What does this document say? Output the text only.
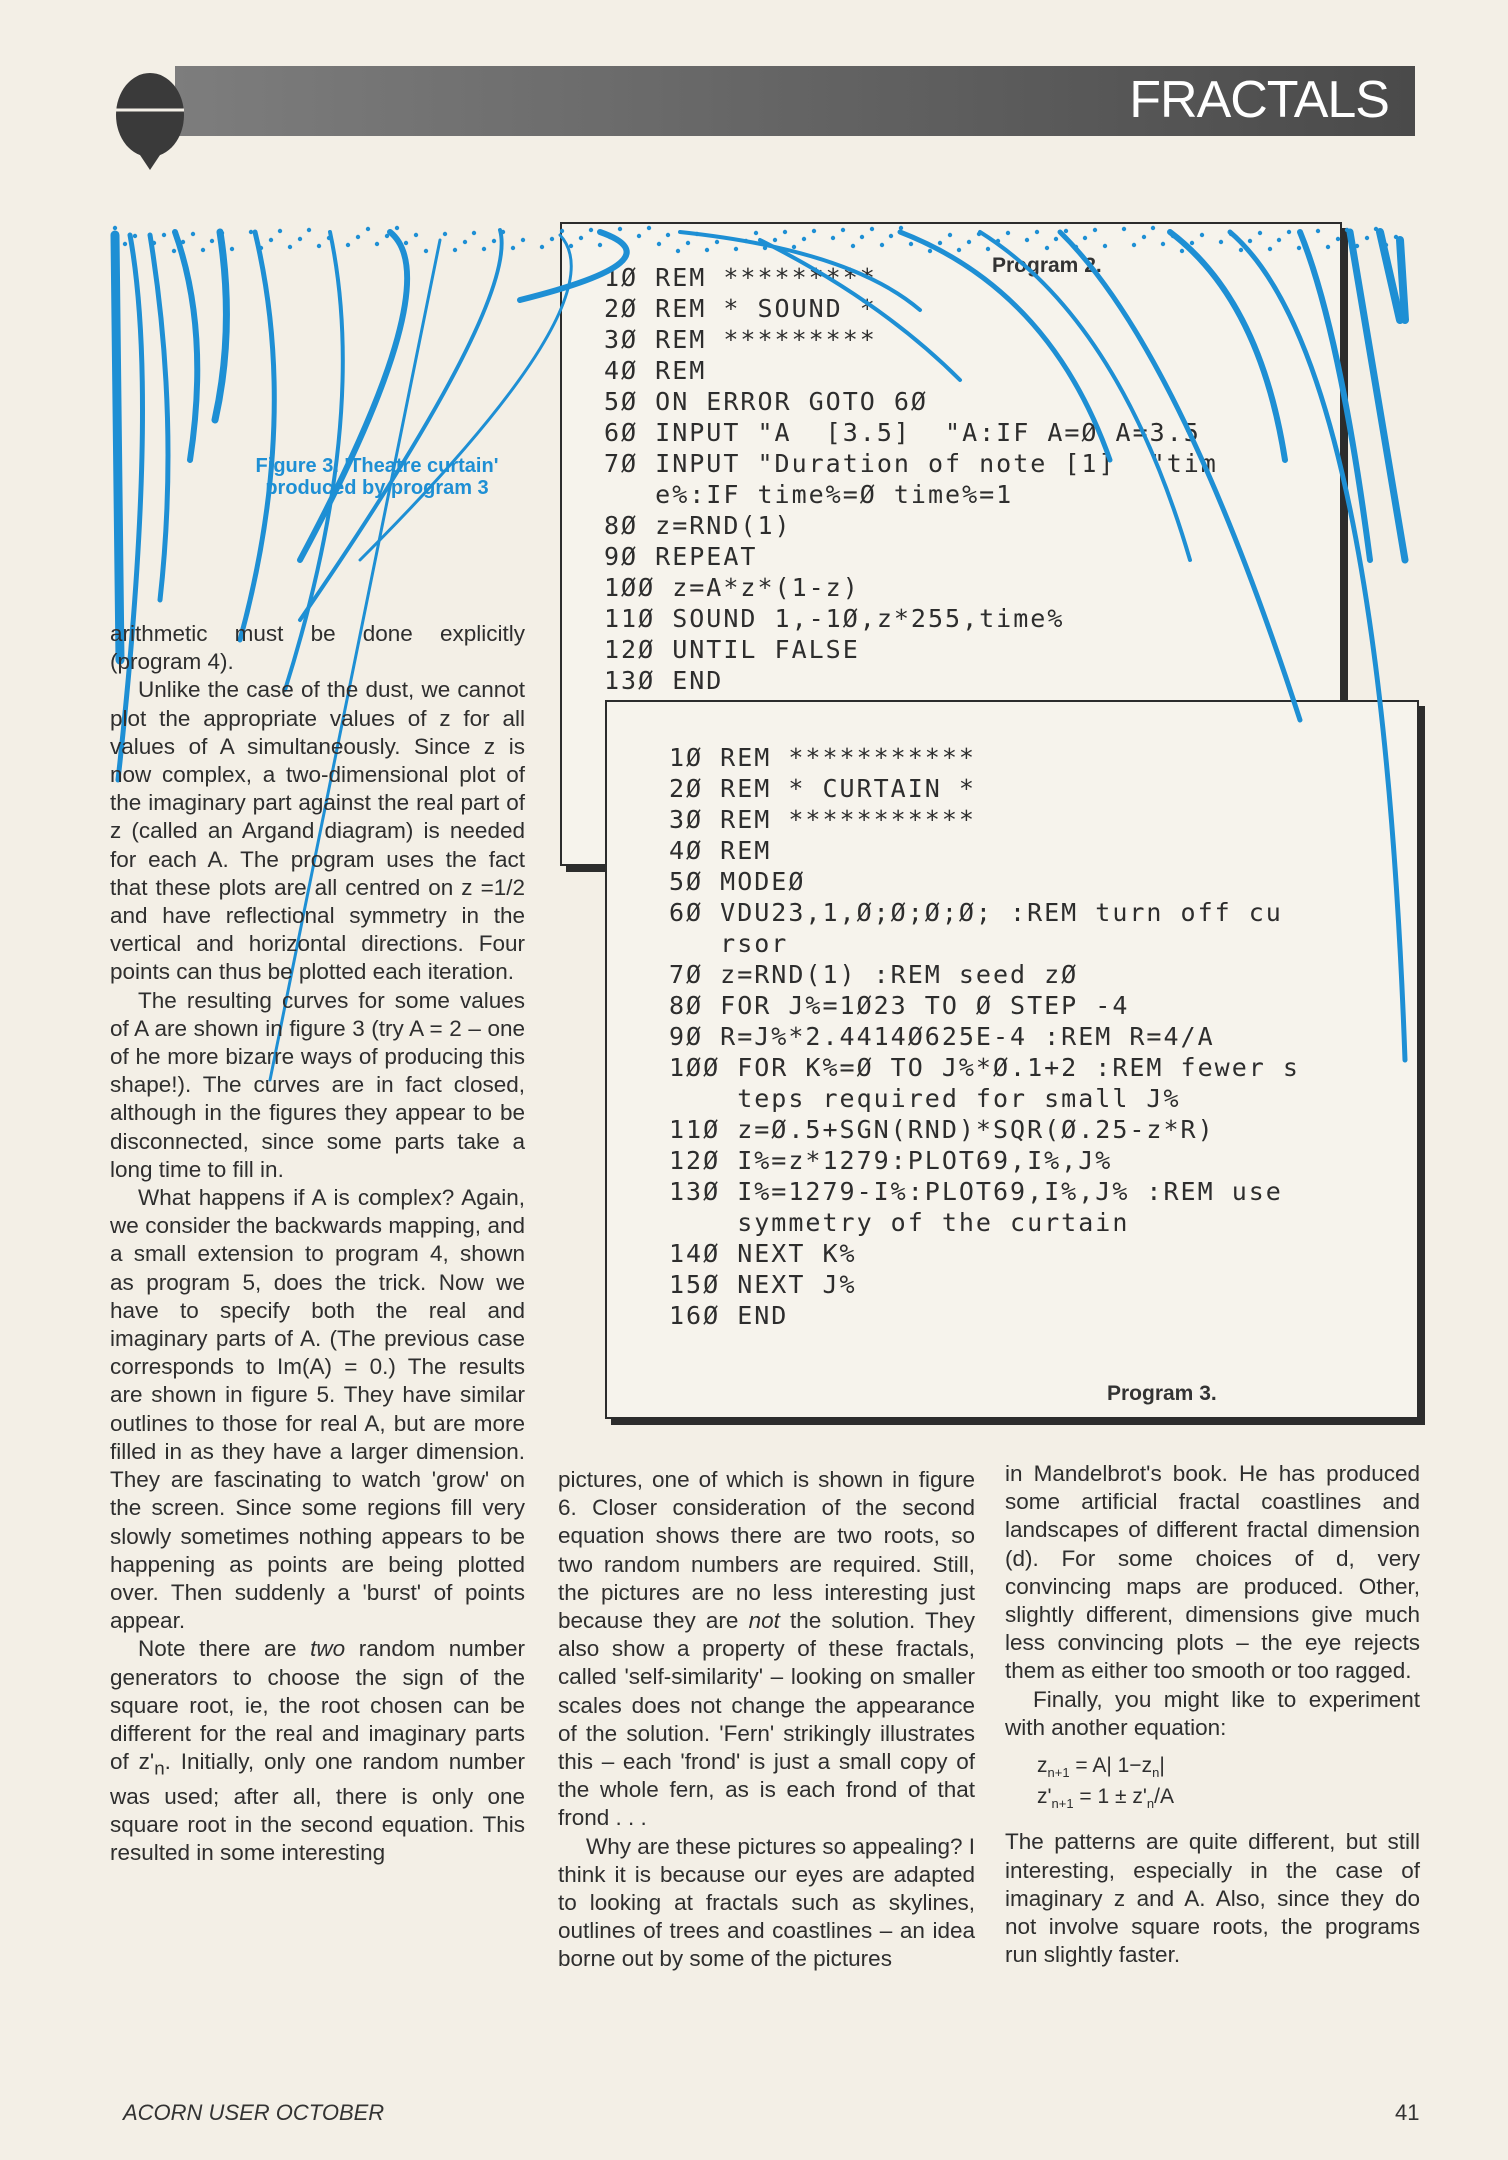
FRACTALS
Program 2.
1Ø REM *********
2Ø REM * SOUND *
3Ø REM *********
4Ø REM
5Ø ON ERROR GOTO 6Ø
6Ø INPUT "A  [3.5]  "A:IF A=Ø A=3.5
7Ø INPUT "Duration of note [1]  "tim
e%:IF time%=Ø time%=1
8Ø z=RND(1)
9Ø REPEAT
1ØØ z=A*z*(1-z)
11Ø SOUND 1,-1Ø,z*255,time%
12Ø UNTIL FALSE
13Ø END
Program 3.
1Ø REM ***********
2Ø REM * CURTAIN *
3Ø REM ***********
4Ø REM
5Ø MODEØ
6Ø VDU23,1,Ø;Ø;Ø;Ø; :REM turn off cu
rsor
7Ø z=RND(1) :REM seed zØ
8Ø FOR J%=1Ø23 TO Ø STEP -4
9Ø R=J%*2.4414Ø625E-4 :REM R=4/A
1ØØ FOR K%=Ø TO J%*Ø.1+2 :REM fewer s
teps required for small J%
11Ø z=Ø.5+SGN(RND)*SQR(Ø.25-z*R)
12Ø I%=z*1279:PLOT69,I%,J%
13Ø I%=1279-I%:PLOT69,I%,J% :REM use
symmetry of the curtain
14Ø NEXT K%
15Ø NEXT J%
16Ø END
Figure 3. 'Theatre curtain'
produced by program 3

arithmetic must be done explicitly (program 4).

Unlike the case of the dust, we cannot plot the appropriate values of z for all values of A simultaneously. Since z is now complex, a two-dimensional plot of the imaginary part against the real part of z (called an Argand diagram) is needed for each A. The program uses the fact that these plots are all centred on z =1/2 and have reflectional symmetry in the vertical and horizontal directions. Four points can thus be plotted each iteration.

The resulting curves for some values of A are shown in figure 3 (try A = 2 – one of he more bizarre ways of producing this shape!). The curves are in fact closed, although in the figures they appear to be disconnected, since some parts take a long time to fill in.

What happens if A is complex? Again, we consider the backwards mapping, and a small extension to program 4, shown as program 5, does the trick. Now we have to specify both the real and imaginary parts of A. (The previous case corresponds to Im(A) = 0.) The results are shown in figure 5. They have similar outlines to those for real A, but are more filled in as they have a larger dimension. They are fascinating to watch 'grow' on the screen. Since some regions fill very slowly sometimes nothing appears to be happening as points are being plotted over. Then suddenly a 'burst' of points appear.

Note there are two random number generators to choose the sign of the square root, ie, the root chosen can be different for the real and imaginary parts of $z'_n$. Initially, only one random number was used; after all, there is only one square root in the second equation. This resulted in some interesting

pictures, one of which is shown in figure 6. Closer consideration of the second equation shows there are two roots, so two random numbers are required. Still, the pictures are no less interesting just because they are not the solution. They also show a property of these fractals, called 'self-similarity' – looking on smaller scales does not change the appearance of the solution. 'Fern' strikingly illustrates this – each 'frond' is just a small copy of the whole fern, as is each frond of that frond . . .

Why are these pictures so appealing? I think it is because our eyes are adapted to looking at fractals such as skylines, outlines of trees and coastlines – an idea borne out by some of the pictures

in Mandelbrot's book. He has produced some artificial fractal coastlines and landscapes of different fractal dimension (d). For some choices of d, very convincing maps are produced. Other, slightly different, dimensions give much less convincing plots – the eye rejects them as either too smooth or too ragged.

Finally, you might like to experiment with another equation:

$z_{n+1} = A|$ $1-z_n|$
$z'_{n+1} = 1 \pm z'_n/A$

The patterns are quite different, but still interesting, especially in the case of imaginary z and A. Also, since they do not involve square roots, the programs run slightly faster.

ACORN USER OCTOBER	41
